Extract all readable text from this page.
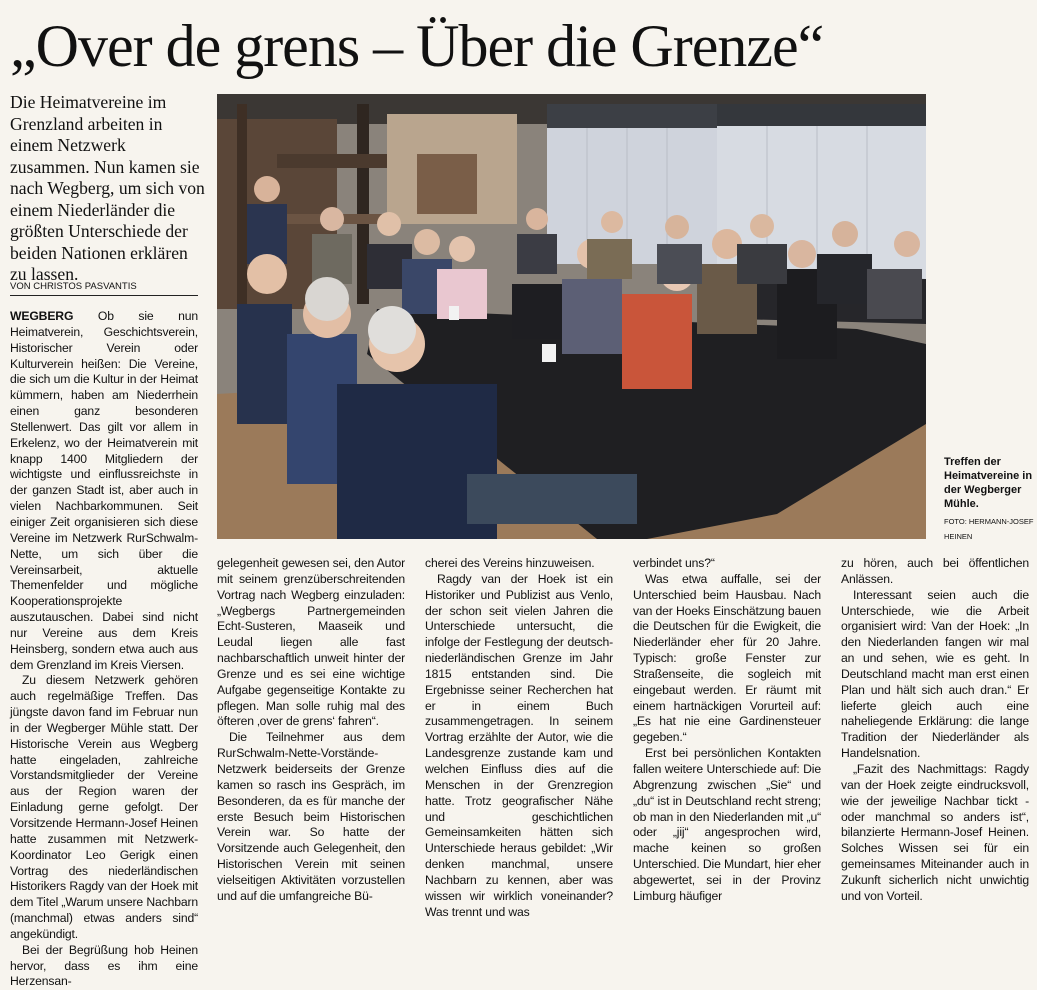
„Over de grens – Über die Grenze“
Die Heimatvereine im Grenzland arbeiten in einem Netzwerk zusammen. Nun kamen sie nach Wegberg, um sich von einem Niederländer die größten Unterschiede der beiden Nationen erklären zu lassen.
VON CHRISTOS PASVANTIS
Treffen der Heimatvereine in der Wegberger Mühle.
FOTO: HERMANN-JOSEF HEINEN

WEGBERG Ob sie nun Heimatverein, Geschichtsverein, Historischer Verein oder Kulturverein heißen: Die Vereine, die sich um die Kultur in der Heimat kümmern, haben am Niederrhein einen ganz besonderen Stellenwert. Das gilt vor allem in Erkelenz, wo der Heimatverein mit knapp 1400 Mitgliedern der wichtigste und einflussreichste in der ganzen Stadt ist, aber auch in vielen Nachbarkommunen. Seit einiger Zeit organisieren sich diese Vereine im Netzwerk RurSchwalm-Nette, um sich über die Vereinsarbeit, aktuelle Themenfelder und mögliche Kooperationsprojekte auszutauschen. Dabei sind nicht nur Vereine aus dem Kreis Heinsberg, sondern etwa auch aus dem Grenzland im Kreis Viersen.

Zu diesem Netzwerk gehören auch regelmäßige Treffen. Das jüngste davon fand im Februar nun in der Wegberger Mühle statt. Der Historische Verein aus Wegberg hatte eingeladen, zahlreiche Vorstandsmitglieder der Vereine aus der Region waren der Einladung gerne gefolgt. Der Vorsitzende Hermann-Josef Heinen hatte zusammen mit Netzwerk-Koordinator Leo Gerigk einen Vortrag des niederländischen Historikers Ragdy van der Hoek mit dem Titel „Warum unsere Nachbarn (manchmal) etwas anders sind“ angekündigt.

Bei der Begrüßung hob Heinen hervor, dass es ihm eine Herzensan-

gelegenheit gewesen sei, den Autor mit seinem grenzüberschreitenden Vortrag nach Wegberg einzuladen: „Wegbergs Partnergemeinden Echt-Susteren, Maaseik und Leudal liegen alle fast nachbarschaftlich unweit hinter der Grenze und es sei eine wichtige Aufgabe gegenseitige Kontakte zu pflegen. Man solle ruhig mal des öfteren ‚over de grens‘ fahren“.

Die Teilnehmer aus dem RurSchwalm-Nette-Vorstände-Netzwerk beiderseits der Grenze kamen so rasch ins Gespräch, im Besonderen, da es für manche der erste Besuch beim Historischen Verein war. So hatte der Vorsitzende auch Gelegenheit, den Historischen Verein mit seinen vielseitigen Aktivitäten vorzustellen und auf die umfangreiche Bü-

cherei des Vereins hinzuweisen.

Ragdy van der Hoek ist ein Historiker und Publizist aus Venlo, der schon seit vielen Jahren die Unterschiede untersucht, die infolge der Festlegung der deutsch-niederländischen Grenze im Jahr 1815 entstanden sind. Die Ergebnisse seiner Recherchen hat er in einem Buch zusammengetragen. In seinem Vortrag erzählte der Autor, wie die Landesgrenze zustande kam und welchen Einfluss dies auf die Menschen in der Grenzregion hatte. Trotz geografischer Nähe und geschichtlichen Gemeinsamkeiten hätten sich Unterschiede heraus gebildet: „Wir denken manchmal, unsere Nachbarn zu kennen, aber was wissen wir wirklich voneinander? Was trennt und was

verbindet uns?“

Was etwa auffalle, sei der Unterschied beim Hausbau. Nach van der Hoeks Einschätzung bauen die Deutschen für die Ewigkeit, die Niederländer eher für 20 Jahre. Typisch: große Fenster zur Straßenseite, die sogleich mit eingebaut werden. Er räumt mit einem hartnäckigen Vorurteil auf: „Es hat nie eine Gardinensteuer gegeben.“

Erst bei persönlichen Kontakten fallen weitere Unterschiede auf: Die Abgrenzung zwischen „Sie“ und „du“ ist in Deutschland recht streng; ob man in den Niederlanden mit „u“ oder „jij“ angesprochen wird, mache keinen so großen Unterschied. Die Mundart, hier eher abgewertet, sei in der Provinz Limburg häufiger

zu hören, auch bei öffentlichen Anlässen.

Interessant seien auch die Unterschiede, wie die Arbeit organisiert wird: Van der Hoek: „In den Niederlanden fangen wir mal an und sehen, wie es geht. In Deutschland macht man erst einen Plan und hält sich auch dran.“ Er lieferte gleich auch eine naheliegende Erklärung: die lange Tradition der Niederländer als Handelsnation.

„Fazit des Nachmittags: Ragdy van der Hoek zeigte eindrucksvoll, wie der jeweilige Nachbar tickt - oder manchmal so anders ist“, bilanzierte Hermann-Josef Heinen. Solches Wissen sei für ein gemeinsames Miteinander auch in Zukunft sicherlich nicht unwichtig und von Vorteil.
